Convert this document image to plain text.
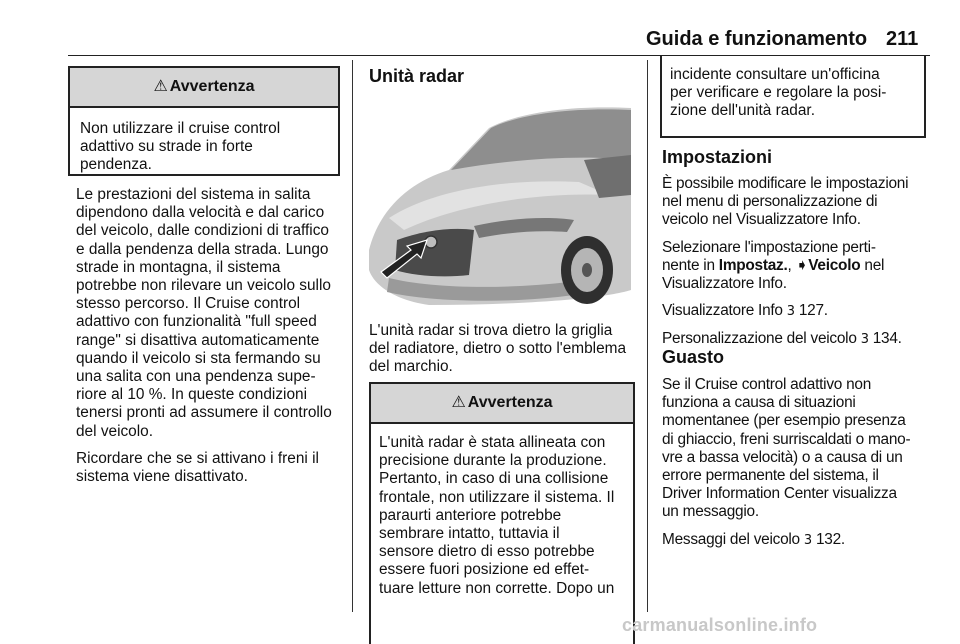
Guida e funzionamento 211
⚠ Avvertenza
Non utilizzare il cruise control
adattivo su strade in forte
pendenza.

Le prestazioni del sistema in salita
dipendono dalla velocità e dal carico
del veicolo, dalle condizioni di traffico
e dalla pendenza della strada. Lungo
strade in montagna, il sistema
potrebbe non rilevare un veicolo sullo
stesso percorso. Il Cruise control
adattivo con funzionalità "full speed
range" si disattiva automaticamente
quando il veicolo si sta fermando su
una salita con una pendenza supe‐
riore al 10 %. In queste condizioni
tenersi pronti ad assumere il controllo
del veicolo.

Ricordare che se si attivano i freni il
sistema viene disattivato.

Unità radar
L'unità radar si trova dietro la griglia
del radiatore, dietro o sotto l'emblema
del marchio.
⚠ Avvertenza
L'unità radar è stata allineata con
precisione durante la produzione.
Pertanto, in caso di una collisione
frontale, non utilizzare il sistema. Il
paraurti anteriore potrebbe
sembrare intatto, tuttavia il
sensore dietro di esso potrebbe
essere fuori posizione ed effet‐
tuare letture non corrette. Dopo un
incidente consultare un'officina
per verificare e regolare la posi‐
zione dell'unità radar.
Impostazioni

È possibile modificare le impostazioni
nel menu di personalizzazione di
veicolo nel Visualizzatore Info.

Selezionare l'impostazione perti‐
nente in Impostaz., ➧Veicolo nel
Visualizzatore Info.

Visualizzatore Info 3 127.

Personalizzazione del veicolo 3 134.

Guasto

Se il Cruise control adattivo non
funziona a causa di situazioni
momentanee (per esempio presenza
di ghiaccio, freni surriscaldati o mano‐
vre a bassa velocità) o a causa di un
errore permanente del sistema, il
Driver Information Center visualizza
un messaggio.

Messaggi del veicolo 3 132.

carmanualsonline.info
